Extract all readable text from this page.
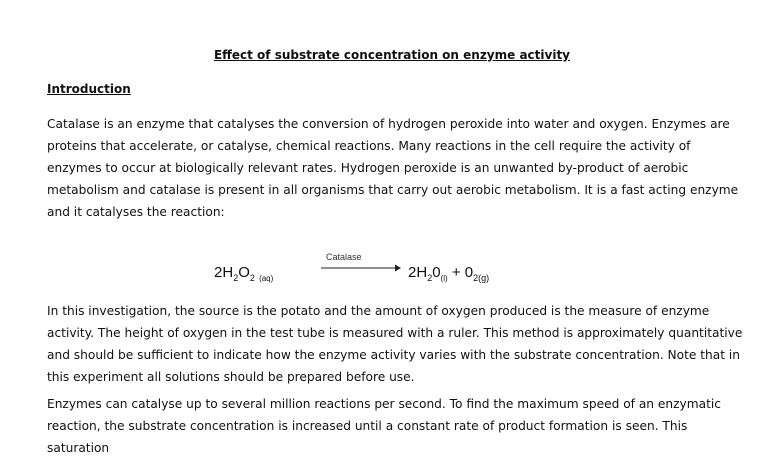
Effect of substrate concentration on enzyme activity
Introduction

Catalase is an enzyme that catalyses the conversion of hydrogen peroxide into water and oxygen. Enzymes are proteins that accelerate, or catalyse, chemical reactions. Many reactions in the cell require the activity of enzymes to occur at biologically relevant rates. Hydrogen peroxide is an unwanted by-product of aerobic metabolism and catalase is present in all organisms that carry out aerobic metabolism. It is a fast acting enzyme and it catalyses the reaction:

Catalase
$2H_2O_2$ $_{(aq)}$	$2H_20_{(l)} + 0_{2(g)}$

In this investigation, the source is the potato and the amount of oxygen produced is the measure of enzyme activity. The height of oxygen in the test tube is measured with a ruler. This method is approximately quantitative and should be sufficient to indicate how the enzyme activity varies with the substrate concentration. Note that in this experiment all solutions should be prepared before use.

Enzymes can catalyse up to several million reactions per second. To find the maximum speed of an enzymatic reaction, the substrate concentration is increased until a constant rate of product formation is seen. This saturation
